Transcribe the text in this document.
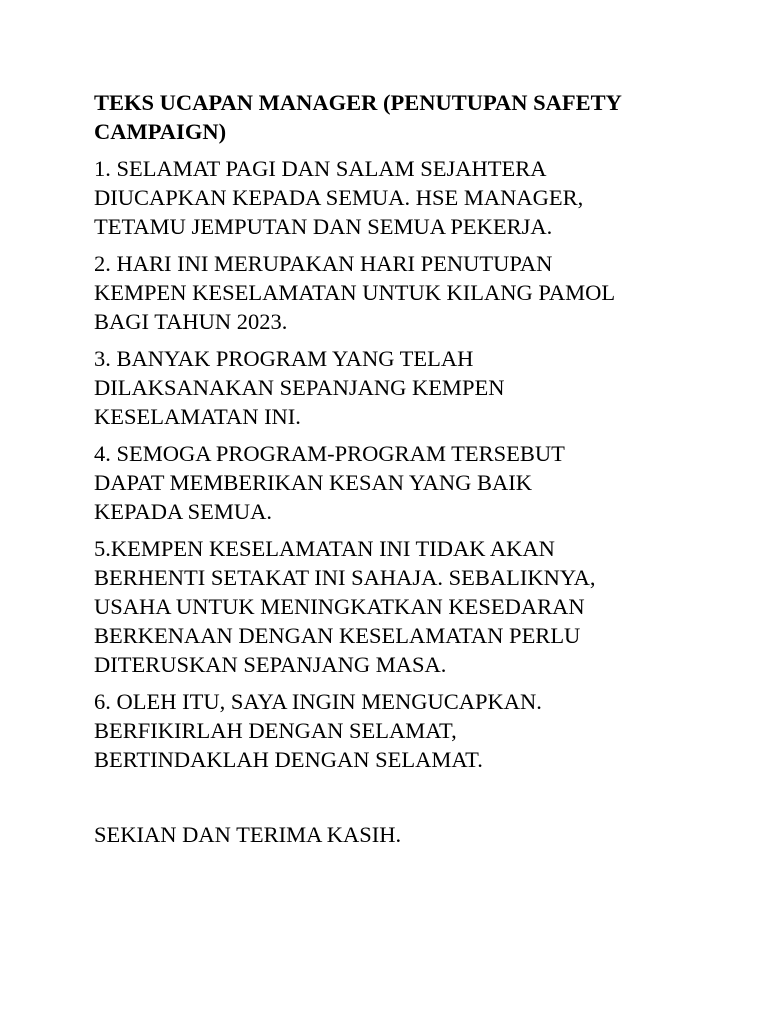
TEKS UCAPAN MANAGER (PENUTUPAN SAFETY

CAMPAIGN)

1. SELAMAT PAGI DAN SALAM SEJAHTERA

DIUCAPKAN KEPADA SEMUA. HSE MANAGER,

TETAMU JEMPUTAN DAN SEMUA PEKERJA.

2. HARI INI MERUPAKAN HARI PENUTUPAN

KEMPEN KESELAMATAN UNTUK KILANG PAMOL

BAGI TAHUN 2023.

3. BANYAK PROGRAM YANG TELAH

DILAKSANAKAN SEPANJANG KEMPEN

KESELAMATAN INI.

4. SEMOGA PROGRAM-PROGRAM TERSEBUT

DAPAT MEMBERIKAN KESAN YANG BAIK

KEPADA SEMUA.

5.KEMPEN KESELAMATAN INI TIDAK AKAN

BERHENTI SETAKAT INI SAHAJA. SEBALIKNYA,

USAHA UNTUK MENINGKATKAN KESEDARAN

BERKENAAN DENGAN KESELAMATAN PERLU

DITERUSKAN SEPANJANG MASA.

6. OLEH ITU, SAYA INGIN MENGUCAPKAN.

BERFIKIRLAH DENGAN SELAMAT,

BERTINDAKLAH DENGAN SELAMAT.

SEKIAN DAN TERIMA KASIH.
